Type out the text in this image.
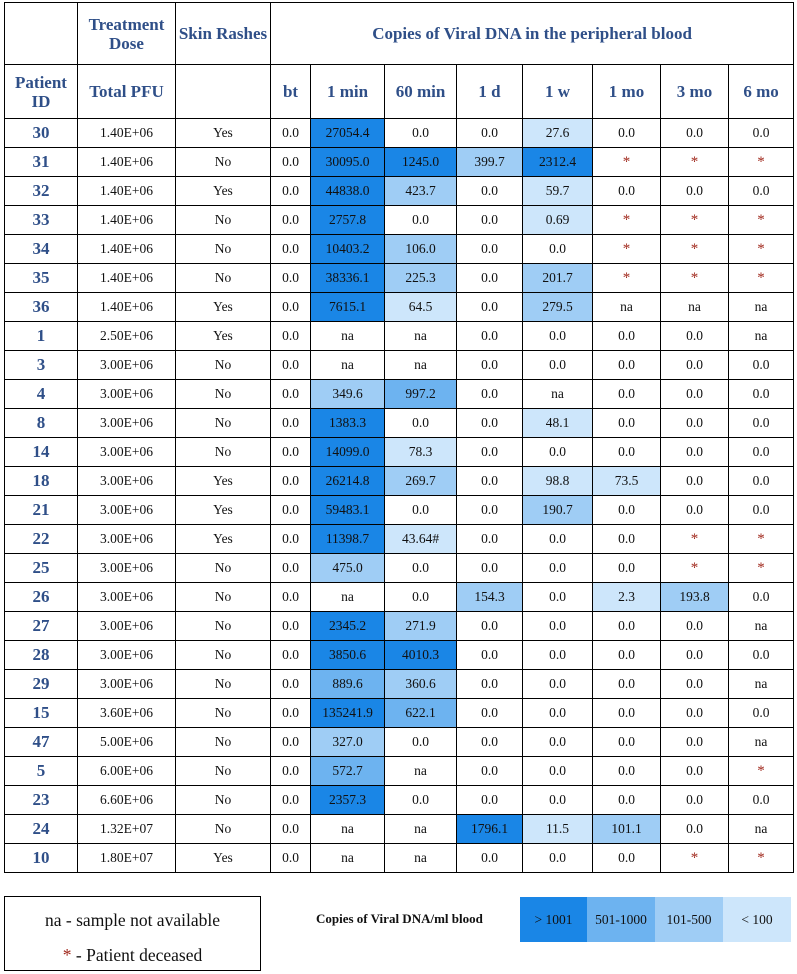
	Treatment Dose	Skin Rashes	Copies of Viral DNA in the peripheral blood							
Patient ID	Total PFU		bt	1 min	60 min	1 d	1 w	1 mo	3 mo	6 mo
30	1.40E+06	Yes	0.0	27054.4	0.0	0.0	27.6	0.0	0.0	0.0
31	1.40E+06	No	0.0	30095.0	1245.0	399.7	2312.4	*	*	*
32	1.40E+06	Yes	0.0	44838.0	423.7	0.0	59.7	0.0	0.0	0.0
33	1.40E+06	No	0.0	2757.8	0.0	0.0	0.69	*	*	*
34	1.40E+06	No	0.0	10403.2	106.0	0.0	0.0	*	*	*
35	1.40E+06	No	0.0	38336.1	225.3	0.0	201.7	*	*	*
36	1.40E+06	Yes	0.0	7615.1	64.5	0.0	279.5	na	na	na
1	2.50E+06	Yes	0.0	na	na	0.0	0.0	0.0	0.0	na
3	3.00E+06	No	0.0	na	na	0.0	0.0	0.0	0.0	0.0
4	3.00E+06	No	0.0	349.6	997.2	0.0	na	0.0	0.0	0.0
8	3.00E+06	No	0.0	1383.3	0.0	0.0	48.1	0.0	0.0	0.0
14	3.00E+06	No	0.0	14099.0	78.3	0.0	0.0	0.0	0.0	0.0
18	3.00E+06	Yes	0.0	26214.8	269.7	0.0	98.8	73.5	0.0	0.0
21	3.00E+06	Yes	0.0	59483.1	0.0	0.0	190.7	0.0	0.0	0.0
22	3.00E+06	Yes	0.0	11398.7	43.64#	0.0	0.0	0.0	*	*
25	3.00E+06	No	0.0	475.0	0.0	0.0	0.0	0.0	*	*
26	3.00E+06	No	0.0	na	0.0	154.3	0.0	2.3	193.8	0.0
27	3.00E+06	No	0.0	2345.2	271.9	0.0	0.0	0.0	0.0	na
28	3.00E+06	No	0.0	3850.6	4010.3	0.0	0.0	0.0	0.0	0.0
29	3.00E+06	No	0.0	889.6	360.6	0.0	0.0	0.0	0.0	na
15	3.60E+06	No	0.0	135241.9	622.1	0.0	0.0	0.0	0.0	0.0
47	5.00E+06	No	0.0	327.0	0.0	0.0	0.0	0.0	0.0	na
5	6.00E+06	No	0.0	572.7	na	0.0	0.0	0.0	0.0	*
23	6.60E+06	No	0.0	2357.3	0.0	0.0	0.0	0.0	0.0	0.0
24	1.32E+07	No	0.0	na	na	1796.1	11.5	101.1	0.0	na
10	1.80E+07	Yes	0.0	na	na	0.0	0.0	0.0	*	*
na - sample not available
* - Patient deceased
Copies of Viral DNA/ml blood	> 1001	501-1000	101-500	< 100
